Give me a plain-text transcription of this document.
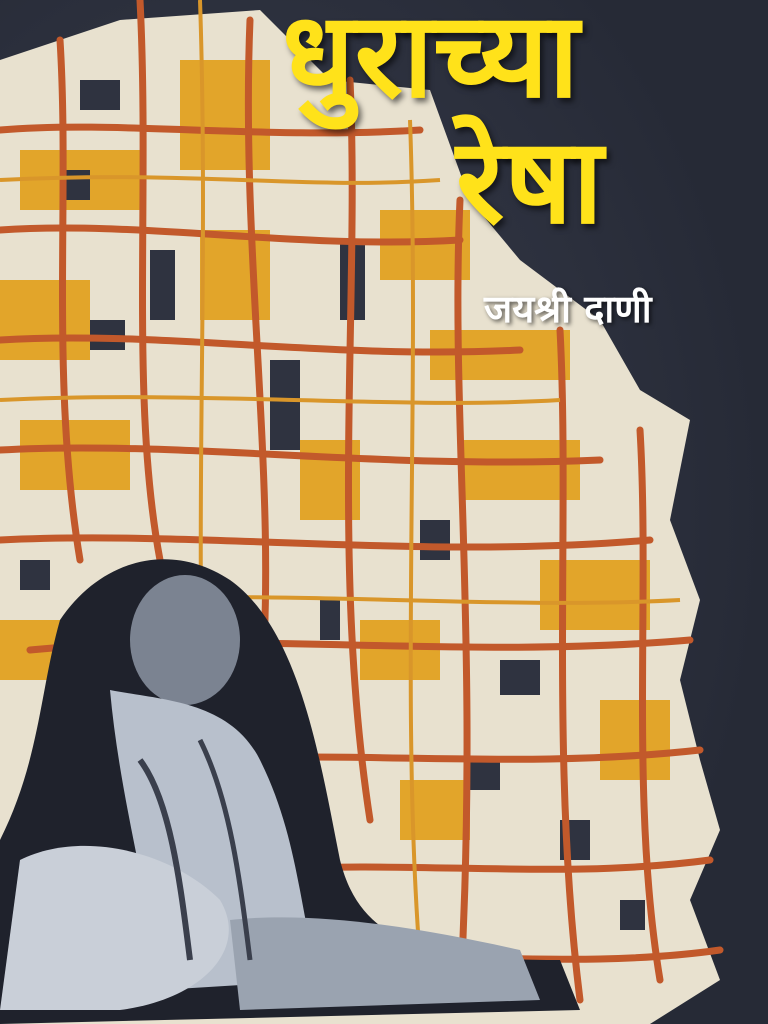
धुराच्या
रेषा

जयश्री दाणी
